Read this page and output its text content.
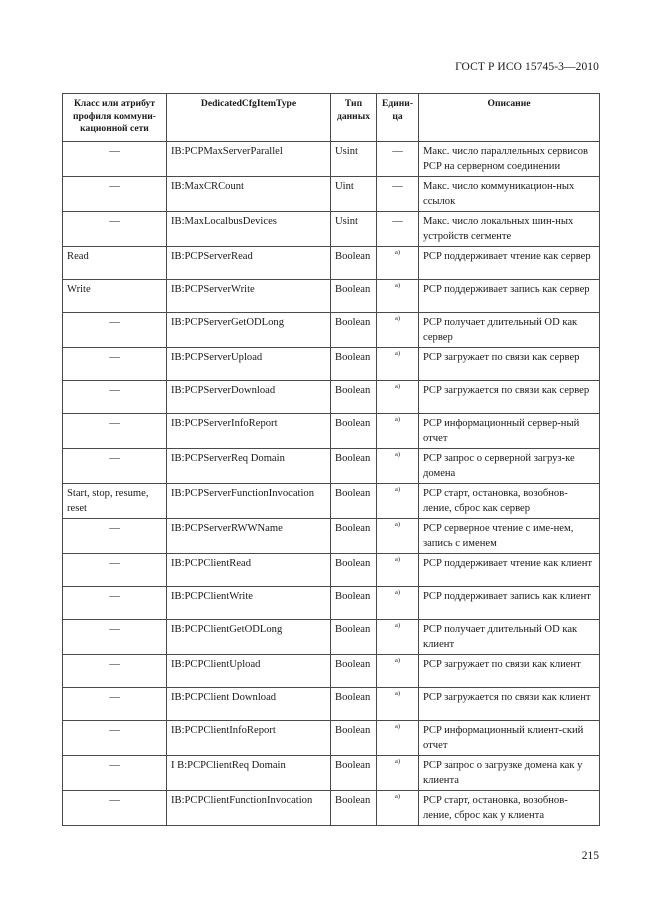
ГОСТ Р ИСО 15745-3—2010
Класс или атрибут профиля коммуни-кационной сети	DedicatedCfgItemType	Тип данных	Едини-ца	Описание
—	IB:PCPMaxServerParallel	Usint	—	Макс. число параллельных сервисов PCP на серверном соединении
—	IB:MaxCRCount	Uint	—	Макс. число коммуникацион-ных ссылок
—	IB:MaxLocalbusDevices	Usint	—	Макс. число локальных шин-ных устройств сегменте
Read	IB:PCPServerRead	Boolean	a)	PCP поддерживает чтение как сервер
Write	IB:PCPServerWrite	Boolean	a)	PCP поддерживает запись как сервер
—	IB:PCPServerGetODLong	Boolean	a)	PCP получает длительный OD как сервер
—	IB:PCPServerUpload	Boolean	a)	PCP загружает по связи как сервер
—	IB:PCPServerDownload	Boolean	a)	PCP загружается по связи как сервер
—	IB:PCPServerInfoReport	Boolean	a)	PCP информационный сервер-ный отчет
—	IB:PCPServerReq Domain	Boolean	a)	PCP запрос о серверной загруз-ке домена
Start, stop, resume, reset	IB:PCPServerFunctionInvocation	Boolean	a)	PCP старт, остановка, возобнов-ление, сброс как сервер
—	IB:PCPServerRWWName	Boolean	a)	PCP серверное чтение с име-нем, запись с именем
—	IB:PCPClientRead	Boolean	a)	PCP поддерживает чтение как клиент
—	IB:PCPClientWrite	Boolean	a)	PCP поддерживает запись как клиент
—	IB:PCPClientGetODLong	Boolean	a)	PCP получает длительный OD как клиент
—	IB:PCPClientUpload	Boolean	a)	PCP загружает по связи как клиент
—	IB:PCPClient Download	Boolean	a)	PCP загружается по связи как клиент
—	IB:PCPClientInfoReport	Boolean	a)	PCP информационный клиент-ский отчет
—	I B:PCPClientReq Domain	Boolean	a)	PCP запрос о загрузке домена как у клиента
—	IB:PCPClientFunctionInvocation	Boolean	a)	PCP старт, остановка, возобнов-ление, сброс как у клиента
215
